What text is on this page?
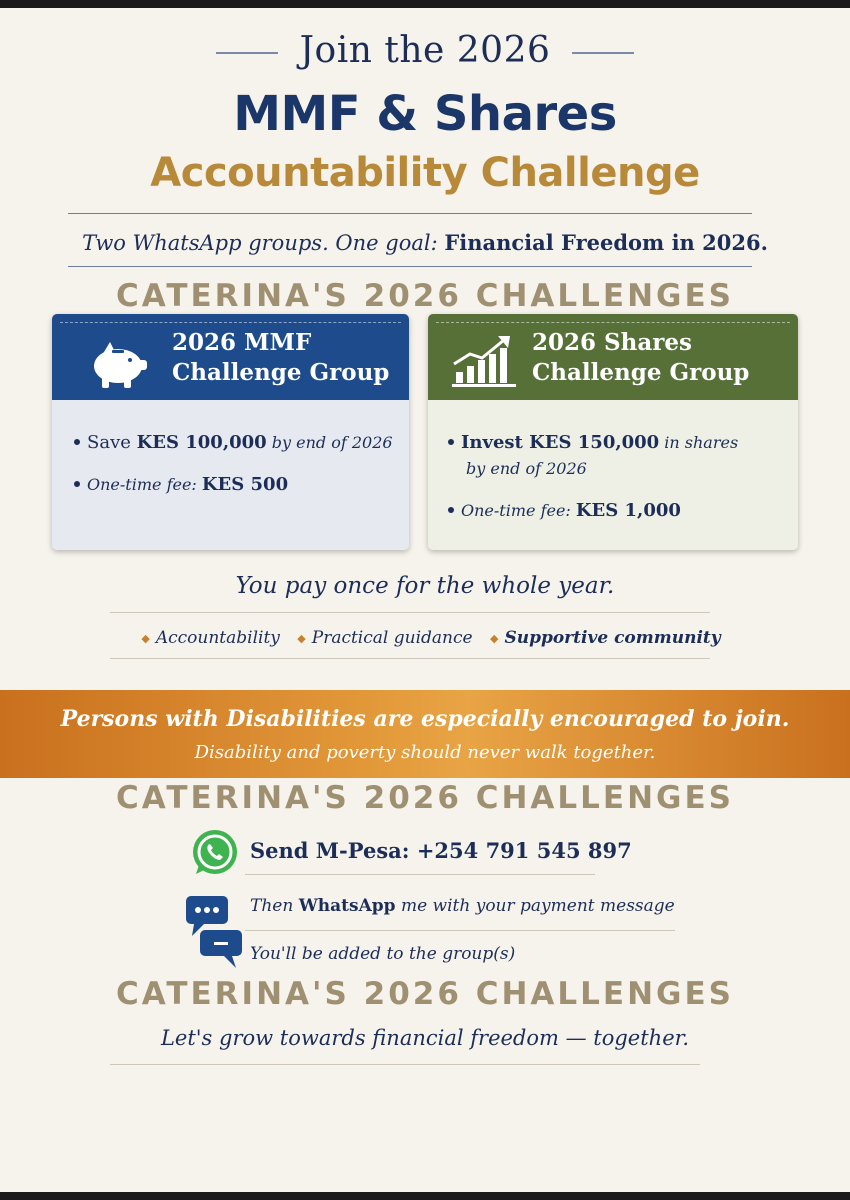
Join the 2026
MMF & Shares
Accountability Challenge
Two WhatsApp groups. One goal: Financial Freedom in 2026.
CATERINA'S 2026 CHALLENGES
2026 MMF
Challenge Group
Save KES 100,000 by end of 2026
One-time fee: KES 500
2026 Shares
Challenge Group
Invest KES 150,000 in shares
by end of 2026
One-time fee: KES 1,000
You pay once for the whole year.
◆ Accountability ◆ Practical guidance ◆ Supportive community
Persons with Disabilities are especially encouraged to join.
Disability and poverty should never walk together.
CATERINA'S 2026 CHALLENGES
Send M-Pesa: +254 791 545 897
Then WhatsApp me with your payment message
You'll be added to the group(s)
CATERINA'S 2026 CHALLENGES
Let's grow towards financial freedom — together.
